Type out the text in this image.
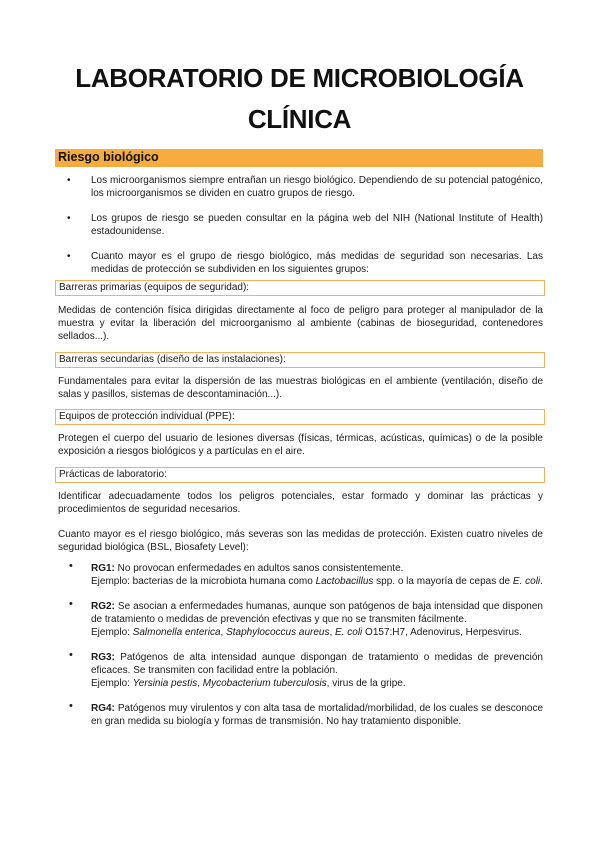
LABORATORIO DE MICROBIOLOGÍA
CLÍNICA
Riesgo biológico
• Los microorganismos siempre entrañan un riesgo biológico. Dependiendo de su potencial patogénico, los microorganismos se dividen en cuatro grupos de riesgo.
• Los grupos de riesgo se pueden consultar en la página web del NIH (National Institute of Health) estadounidense.
• Cuanto mayor es el grupo de riesgo biológico, más medidas de seguridad son necesarias. Las medidas de protección se subdividen en los siguientes grupos:
Barreras primarias (equipos de seguridad):

Medidas de contención física dirigidas directamente al foco de peligro para proteger al manipulador de la muestra y evitar la liberación del microorganismo al ambiente (cabinas de bioseguridad, contenedores sellados...).

Barreras secundarias (diseño de las instalaciones):

Fundamentales para evitar la dispersión de las muestras biológicas en el ambiente (ventilación, diseño de salas y pasillos, sistemas de descontaminación...).

Equipos de protección individual (PPE):

Protegen el cuerpo del usuario de lesiones diversas (físicas, térmicas, acústicas, químicas) o de la posible exposición a riesgos biológicos y a partículas en el aire.

Prácticas de laboratorio:

Identificar adecuadamente todos los peligros potenciales, estar formado y dominar las prácticas y procedimientos de seguridad necesarios.

Cuanto mayor es el riesgo biológico, más severas son las medidas de protección. Existen cuatro niveles de seguridad biológica (BSL, Biosafety Level):

• RG1: No provocan enfermedades en adultos sanos consistentemente.
Ejemplo: bacterias de la microbiota humana como Lactobacillus spp. o la mayoría de cepas de E. coli.
• RG2: Se asocian a enfermedades humanas, aunque son patógenos de baja intensidad que disponen de tratamiento o medidas de prevención efectivas y que no se transmiten fácilmente.
Ejemplo: Salmonella enterica, Staphylococcus aureus, E. coli O157:H7, Adenovirus, Herpesvirus.
• RG3: Patógenos de alta intensidad aunque dispongan de tratamiento o medidas de prevención eficaces. Se transmiten con facilidad entre la población.
Ejemplo: Yersinia pestis, Mycobacterium tuberculosis, virus de la gripe.
• RG4: Patógenos muy virulentos y con alta tasa de mortalidad/morbilidad, de los cuales se desconoce en gran medida su biología y formas de transmisión. No hay tratamiento disponible.
